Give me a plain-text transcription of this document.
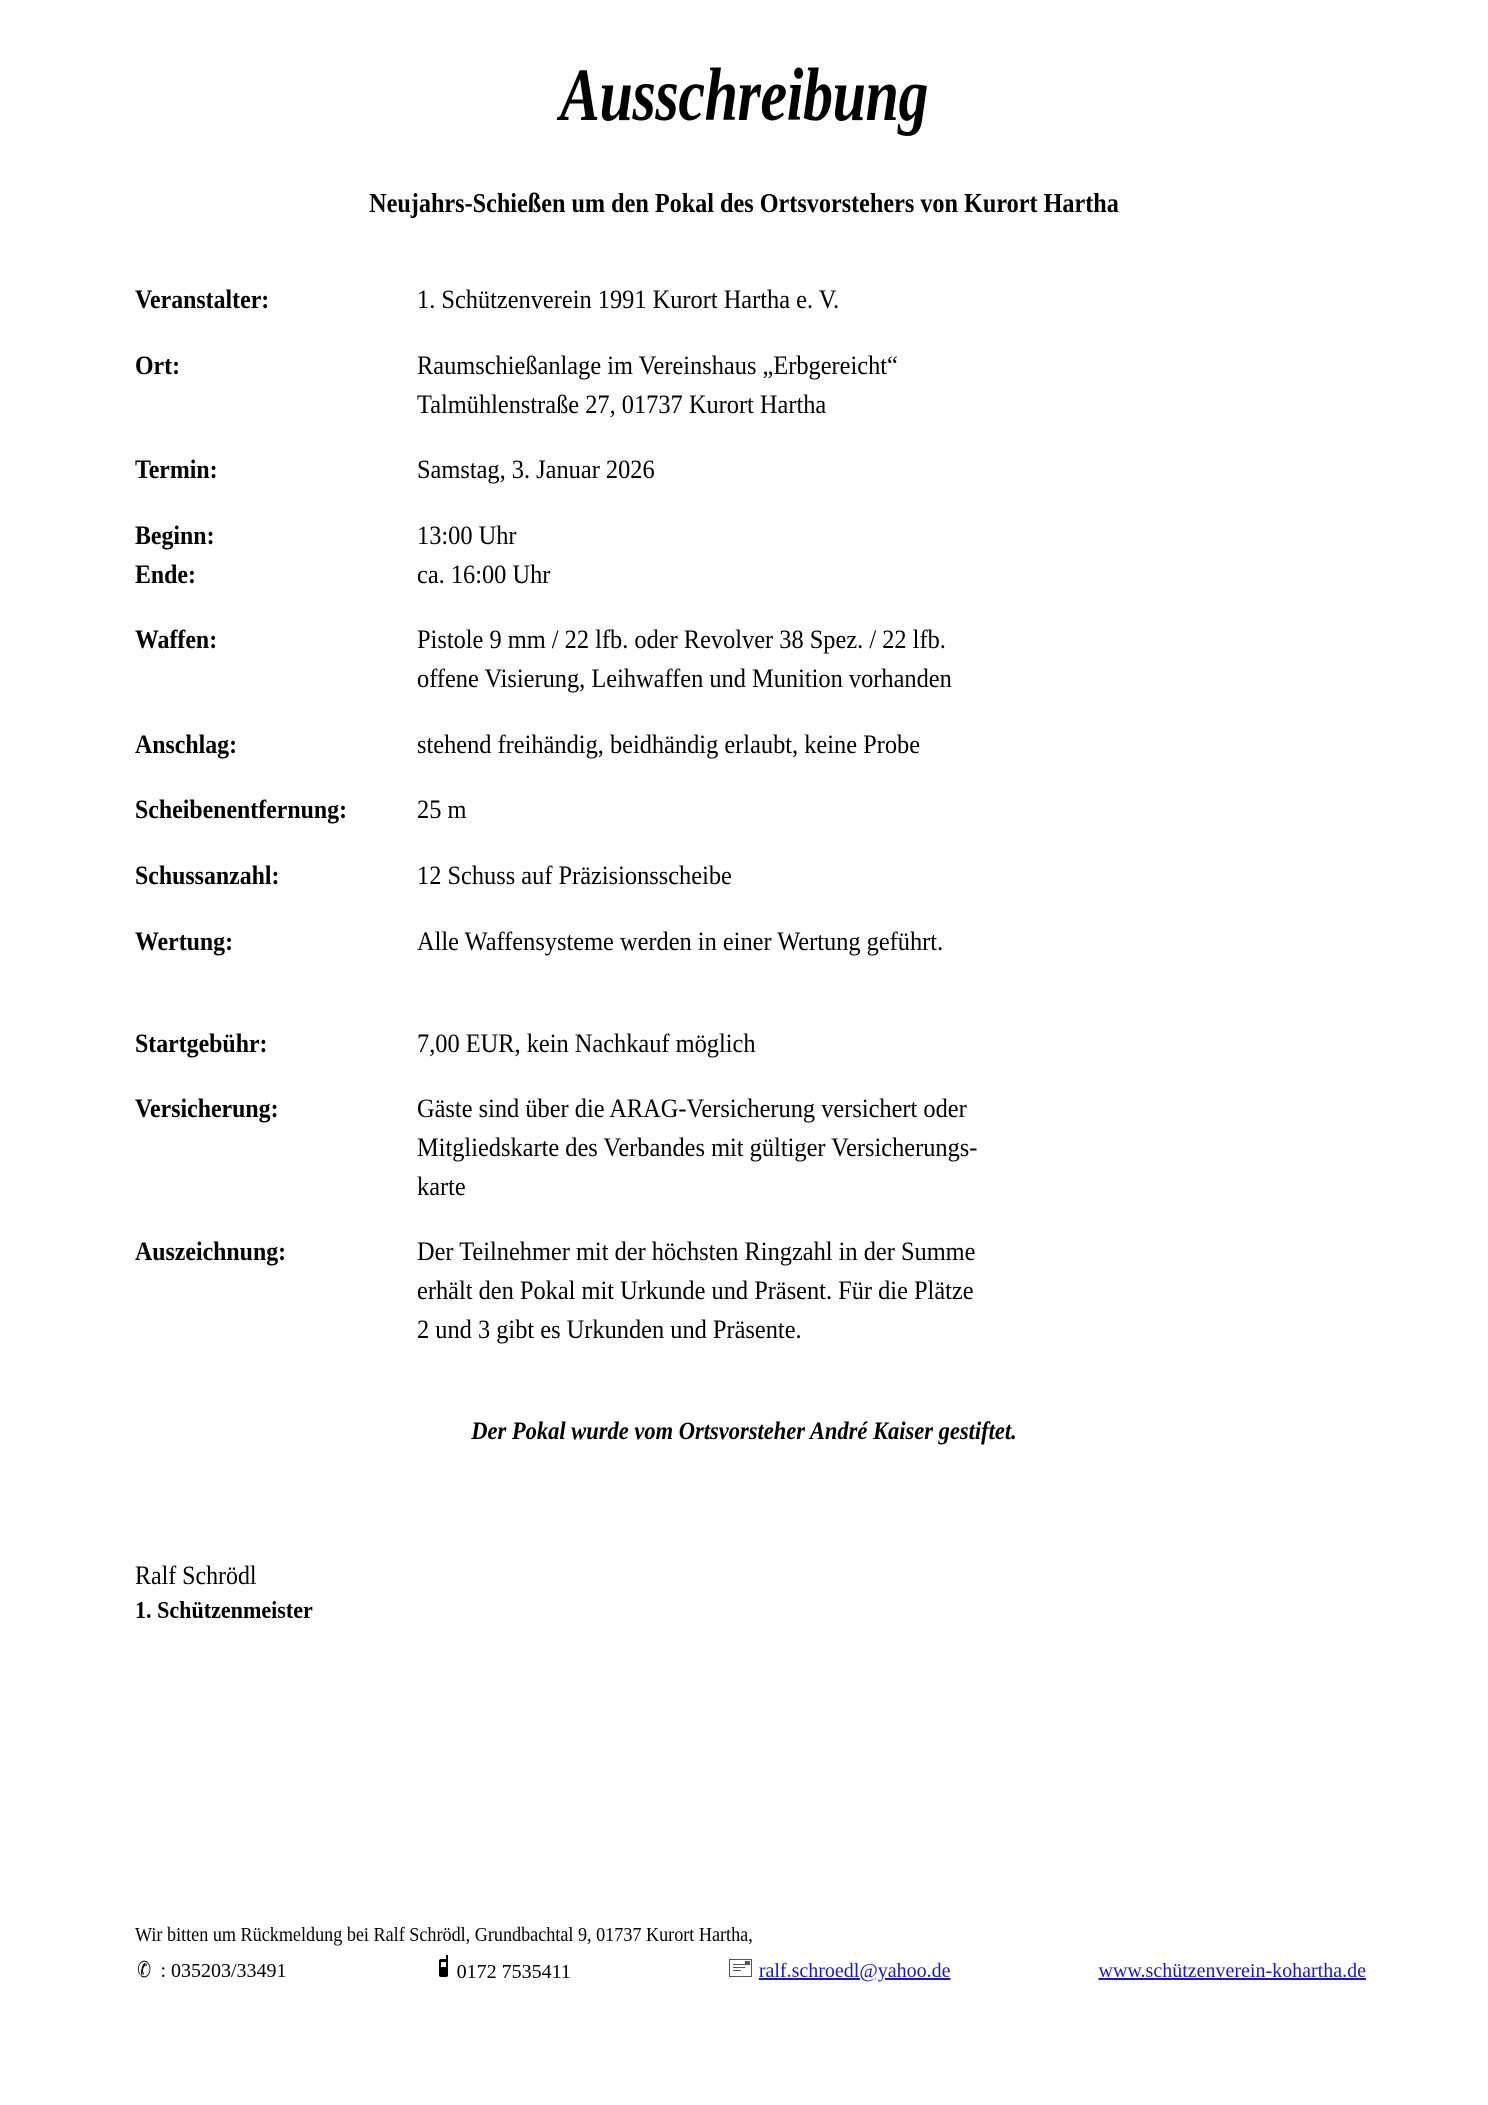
Ausschreibung
Neujahrs-Schießen um den Pokal des Ortsvorstehers von Kurort Hartha
Veranstalter:	1. Schützenverein 1991 Kurort Hartha e. V.
Ort:	Raumschießanlage im Vereinshaus „Erbgereicht“
Talmühlenstraße 27, 01737 Kurort Hartha
Termin:	Samstag, 3. Januar 2026
Beginn:	13:00 Uhr
Ende:	ca. 16:00 Uhr
Waffen:	Pistole 9 mm / 22 lfb. oder Revolver 38 Spez. / 22 lfb.
offene Visierung, Leihwaffen und Munition vorhanden
Anschlag:	stehend freihändig, beidhändig erlaubt, keine Probe
Scheibenentfernung:	25 m
Schussanzahl:	12 Schuss auf Präzisionsscheibe
Wertung:	Alle Waffensysteme werden in einer Wertung geführt.
Startgebühr:	7,00 EUR, kein Nachkauf möglich
Versicherung:	Gäste sind über die ARAG-Versicherung versichert oder
Mitgliedskarte des Verbandes mit gültiger Versicherungs-
karte
Auszeichnung:	Der Teilnehmer mit der höchsten Ringzahl in der Summe
erhält den Pokal mit Urkunde und Präsent. Für die Plätze
2 und 3 gibt es Urkunden und Präsente.
Der Pokal wurde vom Ortsvorsteher André Kaiser gestiftet.
Ralf Schrödl
1. Schützenmeister
Wir bitten um Rückmeldung bei Ralf Schrödl, Grundbachtal 9, 01737 Kurort Hartha,
✆ : 035203/33491	0172 7535411	ralf.schroedl@yahoo.de	www.schützenverein-kohartha.de
